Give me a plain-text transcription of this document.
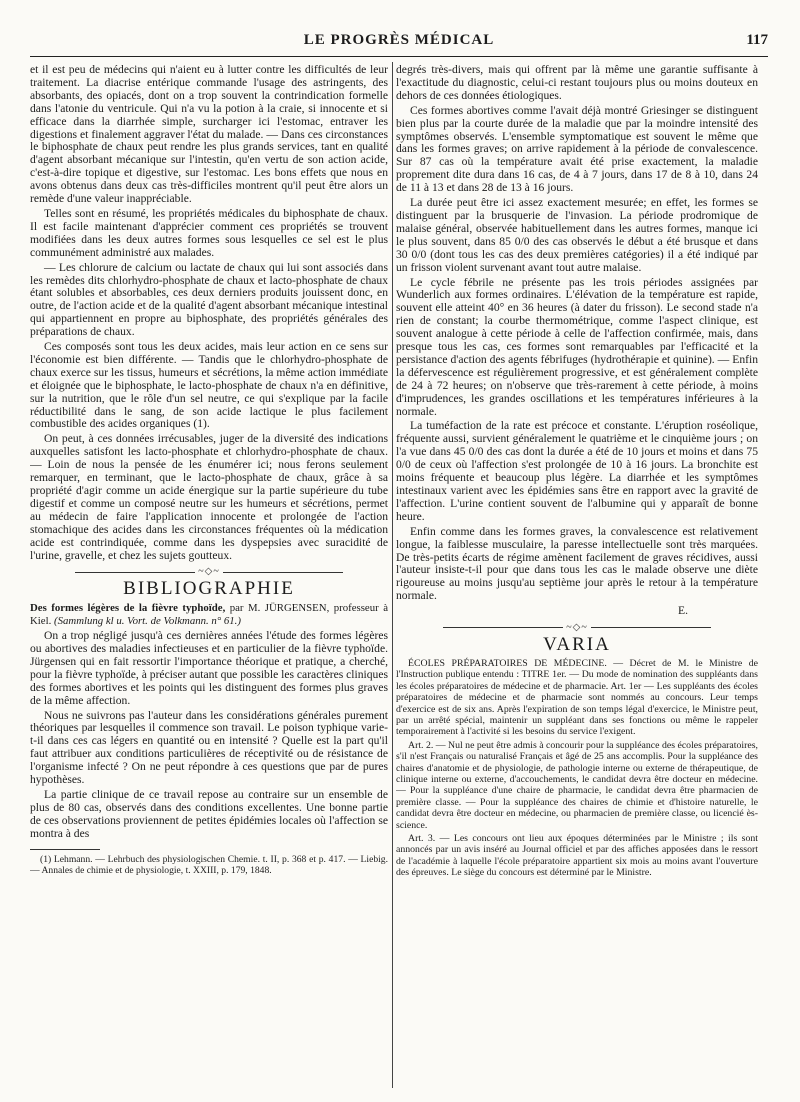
LE PROGRÈS MÉDICAL	117

et il est peu de médecins qui n'aient eu à lutter contre les difficultés de leur traitement. La diacrise entérique commande l'usage des astringents, des absorbants, des opiacés, dont on a trop souvent la contrindication formelle dans l'atonie du ventricule. Qui n'a vu la potion à la craie, si innocente et si efficace dans la diarrhée simple, surcharger ici l'estomac, entraver les digestions et finalement aggraver l'état du malade. — Dans ces circonstances le biphosphate de chaux peut rendre les plus grands services, tant en qualité d'agent absorbant mécanique sur l'intestin, qu'en vertu de son action acide, c'est-à-dire topique et digestive, sur l'estomac. Les bons effets que nous en avons obtenus dans deux cas très-difficiles montrent qu'il peut être alors un remède d'une valeur inappréciable.

Telles sont en résumé, les propriétés médicales du biphosphate de chaux. Il est facile maintenant d'apprécier comment ces propriétés se trouvent modifiées dans les deux autres formes sous lesquelles ce sel est le plus communément administré aux malades.

— Les chlorure de calcium ou lactate de chaux qui lui sont associés dans les remèdes dits chlorhydro-phosphate de chaux et lacto-phosphate de chaux étant solubles et absorbables, ces deux derniers produits jouissent donc, en outre, de l'action acide et de la qualité d'agent absorbant mécanique intestinal qui appartiennent en propre au biphosphate, des propriétés générales des préparations de chaux.

Ces composés sont tous les deux acides, mais leur action en ce sens sur l'économie est bien différente. — Tandis que le chlorhydro-phosphate de chaux exerce sur les tissus, humeurs et sécrétions, la même action immédiate et éloignée que le biphosphate, le lacto-phosphate de chaux n'a en définitive, sur la nutrition, que le rôle d'un sel neutre, ce qui s'explique par la facile réductibilité dans le sang, de son acide lactique le plus facilement combustible des acides organiques (1).

On peut, à ces données irrécusables, juger de la diversité des indications auxquelles satisfont les lacto-phosphate et chlorhydro-phosphate de chaux. — Loin de nous la pensée de les énumérer ici; nous ferons seulement remarquer, en terminant, que le lacto-phosphate de chaux, grâce à sa propriété d'agir comme un acide énergique sur la partie supérieure du tube digestif et comme un composé neutre sur les humeurs et sécrétions, permet au médecin de faire l'application innocente et prolongée de l'action stomachique des acides dans les circonstances fréquentes où la médication acide est contrindiquée, comme dans les dyspepsies avec suracidité de l'urine, gravelle, et chez les sujets goutteux.

~◇~
BIBLIOGRAPHIE

Des formes légères de la fièvre typhoïde, par M. JÜRGENSEN, professeur à Kiel. (Sammlung kl u. Vort. de Volkmann. n° 61.)

On a trop négligé jusqu'à ces dernières années l'étude des formes légères ou abortives des maladies infectieuses et en particulier de la fièvre typhoïde. Jürgensen qui en fait ressortir l'importance théorique et pratique, a cherché, pour la fièvre typhoïde, à préciser autant que possible les caractères cliniques des formes abortives et les points qui les distinguent des formes plus graves de la même affection.

Nous ne suivrons pas l'auteur dans les considérations générales purement théoriques par lesquelles il commence son travail. Le poison typhique varie-t-il dans ces cas légers en quantité ou en intensité ? Quelle est la part qu'il faut attribuer aux conditions particulières de réceptivité ou de résistance de l'organisme infecté ? On ne peut répondre à ces questions que par de pures hypothèses.

La partie clinique de ce travail repose au contraire sur un ensemble de plus de 80 cas, observés dans des conditions excellentes. Une bonne partie de ces observations proviennent de petites épidémies locales où l'affection se montra à des

(1) Lehmann. — Lehrbuch des physiologischen Chemie. t. II, p. 368 et p. 417. — Liebig. — Annales de chimie et de physiologie, t. XXIII, p. 179, 1848.

degrés très-divers, mais qui offrent par là même une garantie suffisante à l'exactitude du diagnostic, celui-ci restant toujours plus ou moins douteux en dehors de ces données étiologiques.

Ces formes abortives comme l'avait déjà montré Griesinger se distinguent bien plus par la courte durée de la maladie que par la moindre intensité des symptômes observés. L'ensemble symptomatique est souvent le même que dans les formes graves; on arrive rapidement à la période de convalescence. Sur 87 cas où la température avait été prise exactement, la maladie proprement dite dura dans 16 cas, de 4 à 7 jours, dans 17 de 8 à 10, dans 24 de 11 à 13 et dans 28 de 13 à 16 jours.

La durée peut être ici assez exactement mesurée; en effet, les formes se distinguent par la brusquerie de l'invasion. La période prodromique de malaise général, observée habituellement dans les autres formes, manque ici le plus souvent, dans 85 0/0 des cas observés le début a été brusque et dans 30 0/0 (dont tous les cas des deux premières catégories) il a été indiqué par un frisson violent survenant avant tout autre malaise.

Le cycle fébrile ne présente pas les trois périodes assignées par Wunderlich aux formes ordinaires. L'élévation de la température est rapide, souvent elle atteint 40° en 36 heures (à dater du frisson). Le second stade n'a rien de constant; la courbe thermométrique, comme l'aspect clinique, est souvent analogue à cette période à celle de l'affection confirmée, mais, dans presque tous les cas, ces formes sont remarquables par l'efficacité et la persistance d'action des agents fébrifuges (hydrothérapie et quinine). — Enfin la défervescence est régulièrement progressive, et est généralement complète de 24 à 72 heures; on n'observe que très-rarement à cette période, à moins d'imprudences, les grandes oscillations et les températures inférieures à la normale.

La tuméfaction de la rate est précoce et constante. L'éruption roséolique, fréquente aussi, survient généralement le quatrième et le cinquième jours ; on l'a vue dans 45 0/0 des cas dont la durée a été de 10 jours et moins et dans 75 0/0 de ceux où l'affection s'est prolongée de 10 à 16 jours. La bronchite est moins fréquente et beaucoup plus légère. La diarrhée et les symptômes intestinaux varient avec les épidémies sans être en rapport avec la gravité de l'affection. L'urine contient souvent de l'albumine qui y apparaît de bonne heure.

Enfin comme dans les formes graves, la convalescence est relativement longue, la faiblesse musculaire, la paresse intellectuelle sont très marquées. De très-petits écarts de régime amènent facilement de graves récidives, aussi l'auteur insiste-t-il pour que dans tous les cas le malade observe une diète rigoureuse au moins jusqu'au septième jour après le retour à la température normale.

E.

~◇~
VARIA

ÉCOLES PRÉPARATOIRES DE MÉDECINE. — Décret de M. le Ministre de l'Instruction publique entendu : TITRE 1er. — Du mode de nomination des suppléants dans les écoles préparatoires de médecine et de pharmacie. Art. 1er — Les suppléants des écoles préparatoires de médecine et de pharmacie sont nommés au concours. Leur temps d'exercice est de six ans. Après l'expiration de son temps légal d'exercice, le Ministre peut, par un arrêté spécial, maintenir un suppléant dans ses fonctions ou même le rappeler temporairement à l'activité si les besoins du service l'exigent.

Art. 2. — Nul ne peut être admis à concourir pour la suppléance des écoles préparatoires, s'il n'est Français ou naturalisé Français et âgé de 25 ans accomplis. Pour la suppléance des chaires d'anatomie et de physiologie, de pathologie interne ou externe de thérapeutique, de clinique interne ou externe, d'accouchements, le candidat devra être docteur en médecine. — Pour la suppléance d'une chaire de pharmacie, le candidat devra être pharmacien de première classe. — Pour la suppléance des chaires de chimie et d'histoire naturelle, le candidat devra être docteur en médecine, ou pharmacien de première classe, ou licencié ès-science.

Art. 3. — Les concours ont lieu aux époques déterminées par le Ministre ; ils sont annoncés par un avis inséré au Journal officiel et par des affiches apposées dans le ressort de l'académie à laquelle l'école préparatoire appartient six mois au moins avant l'ouverture des épreuves. Le siège du concours est déterminé par le Ministre.
